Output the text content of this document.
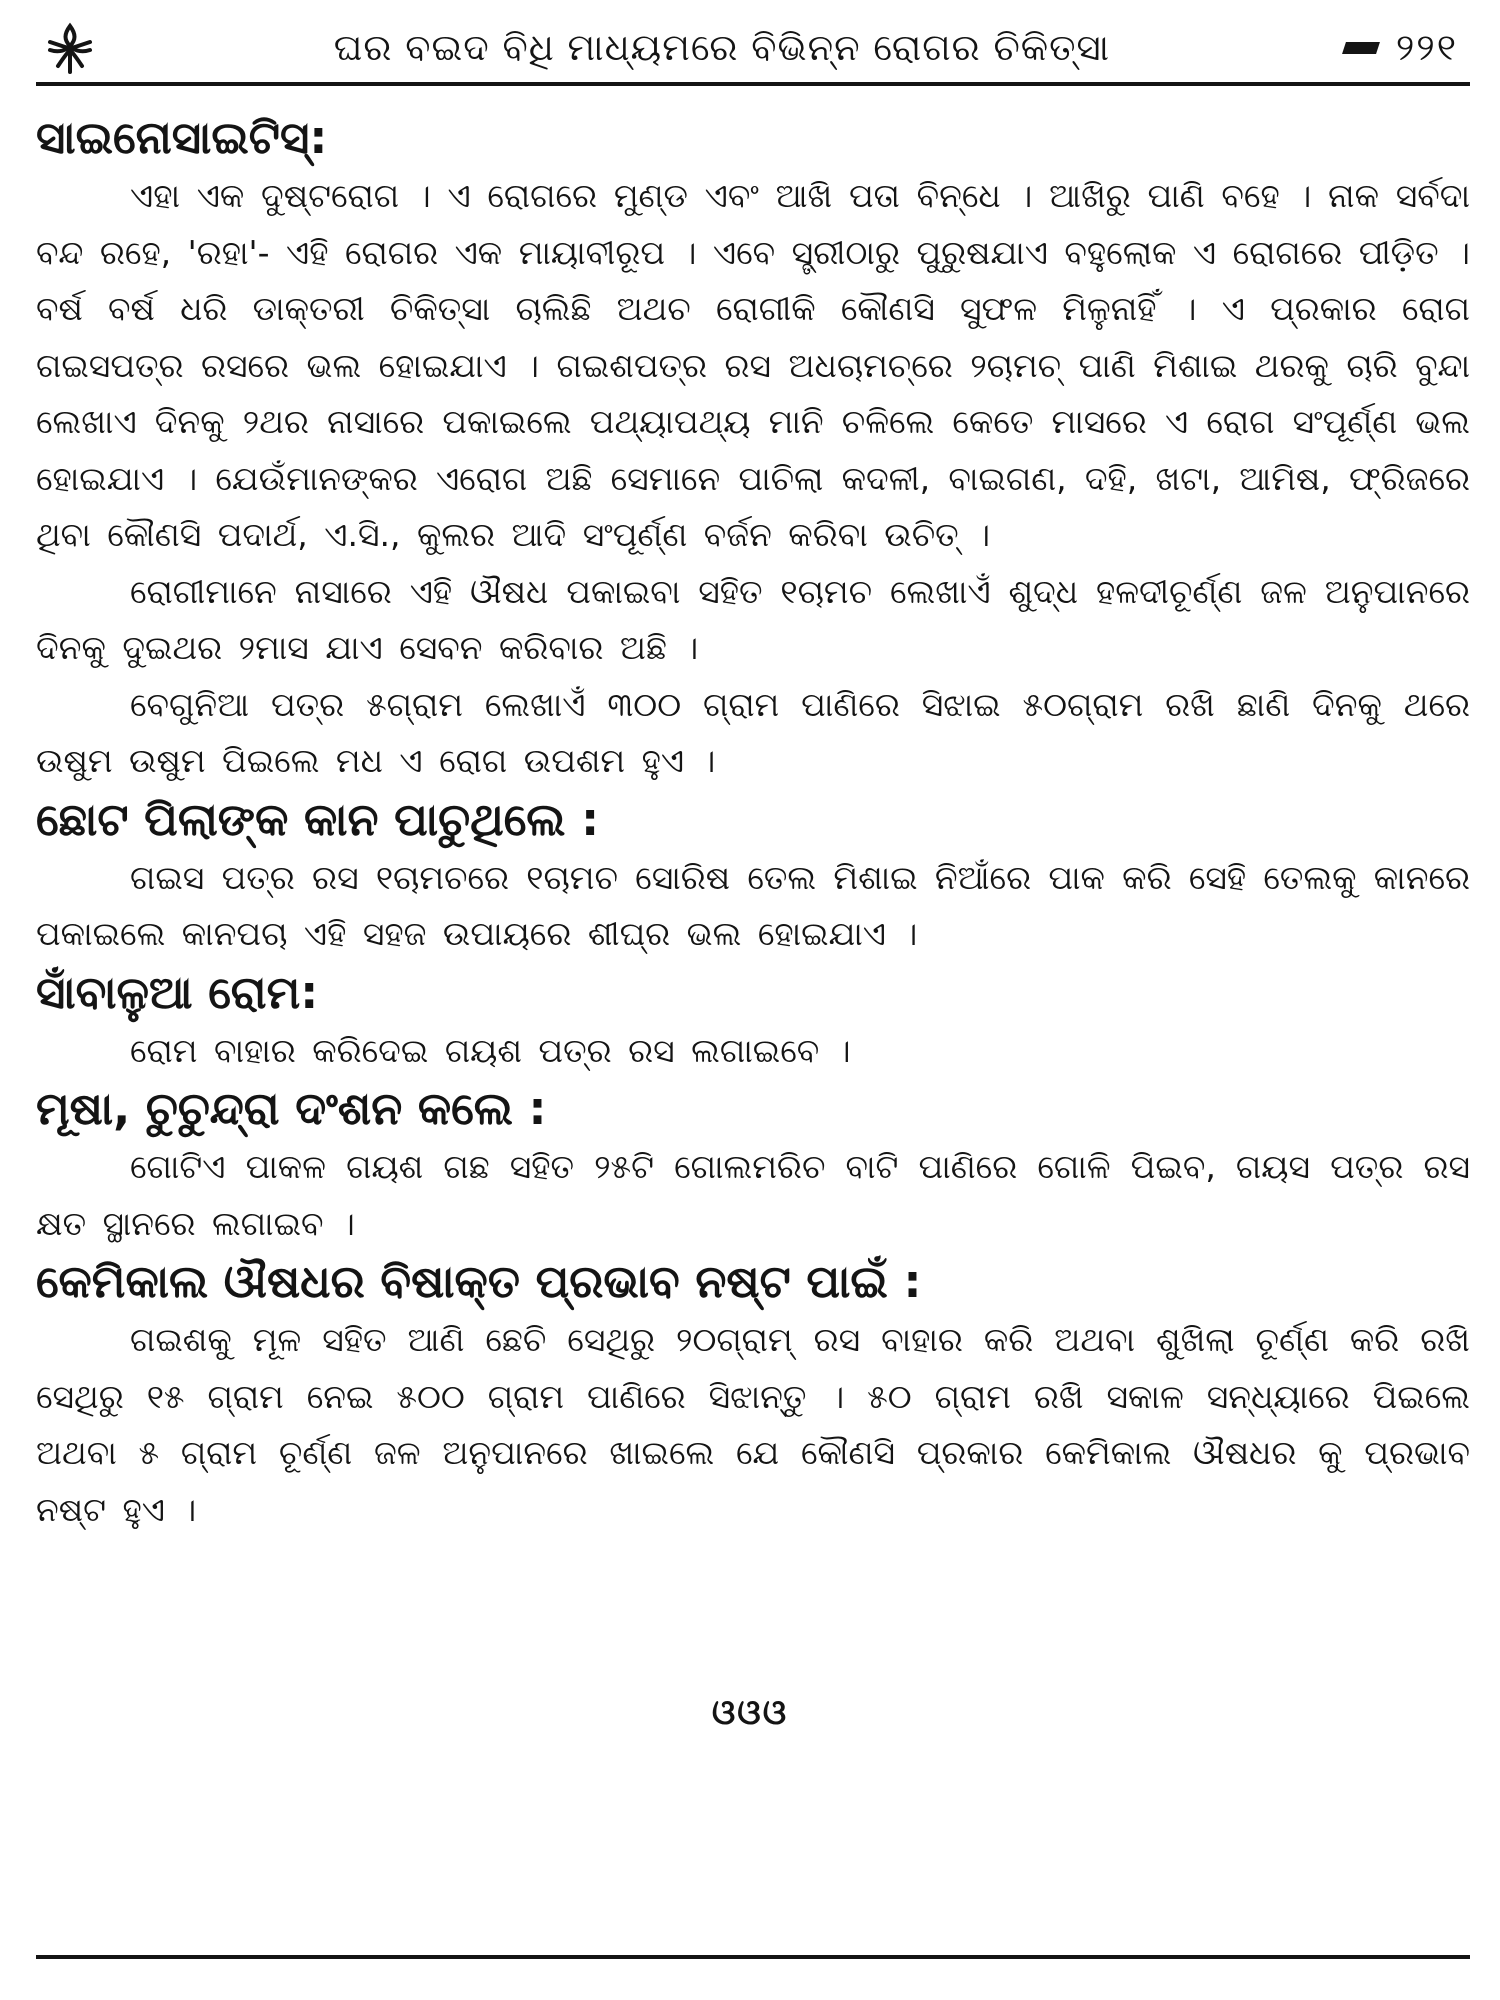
ଘର ବଇଦ ବିଧି ମାଧ୍ୟମରେ ବିଭିନ୍ନ ରୋଗର ଚିକିତ୍ସା	୨୨୧
ସାଇନୋସାଇଟିସ୍:

ଏହା ଏକ ଦୁଷ୍ଟରୋଗ । ଏ ରୋଗରେ ମୁଣ୍ଡ ଏବଂ ଆଖି ପତା ବିନ୍ଧେ । ଆଖିରୁ ପାଣି ବହେ । ନାକ ସର୍ବଦା ବନ୍ଦ ରହେ, 'ରହା'- ଏହି ରୋଗର ଏକ ମାୟାବୀରୂପ । ଏବେ ସ୍ତ୍ରୀଠାରୁ ପୁରୁଷଯାଏ ବହୁଲୋକ ଏ ରୋଗରେ ପୀଡ଼ିତ । ବର୍ଷ ବର୍ଷ ଧରି ଡାକ୍ତରୀ ଚିକିତ୍ସା ଚାଲିଛି ଅଥଚ ରୋଗୀକି କୌଣସି ସୁଫଳ ମିଳୁନାହିଁ । ଏ ପ୍ରକାର ରୋଗ ଗଇସପତ୍ର ରସରେ ଭଲ ହୋଇଯାଏ । ଗଇଶପତ୍ର ରସ ଅଧଚାମଚ୍‌ରେ ୨ଚାମଚ୍ ପାଣି ମିଶାଇ ଥରକୁ ଚାରି ବୁନ୍ଦା ଲେଖାଏ ଦିନକୁ ୨ଥର ନାସାରେ ପକାଇଲେ ପଥ୍ୟାପଥ୍ୟ ମାନି ଚଳିଲେ କେତେ ମାସରେ ଏ ରୋଗ ସଂପୂର୍ଣ୍ଣ ଭଲ ହୋଇଯାଏ । ଯେଉଁମାନଙ୍କର ଏରୋଗ ଅଛି ସେମାନେ ପାଚିଲା କଦଳୀ, ବାଇଗଣ, ଦହି, ଖଟା, ଆମିଷ, ଫ୍ରିଜରେ ଥିବା କୌଣସି ପଦାର୍ଥ, ଏ.ସି., କୁଲର ଆଦି ସଂପୂର୍ଣ୍ଣ ବର୍ଜନ କରିବା ଉଚିତ୍ ।

ରୋଗୀମାନେ ନାସାରେ ଏହି ଔଷଧ ପକାଇବା ସହିତ ୧ଚାମଚ ଲେଖାଏଁ ଶୁଦ୍ଧ ହଳଦୀଚୂର୍ଣ୍ଣ ଜଳ ଅନୁପାନରେ ଦିନକୁ ଦୁଇଥର ୨ମାସ ଯାଏ ସେବନ କରିବାର ଅଛି ।

ବେଗୁନିଆ ପତ୍ର ୫ଗ୍ରାମ ଲେଖାଏଁ ୩୦୦ ଗ୍ରାମ ପାଣିରେ ସିଝାଇ ୫୦ଗ୍ରାମ ରଖି ଛାଣି ଦିନକୁ ଥରେ ଉଷୁମ ଉଷୁମ ପିଇଲେ ମଧ ଏ ରୋଗ ଉପଶମ ହୁଏ ।

ଛୋଟ ପିଲାଙ୍କ କାନ ପାଚୁଥିଲେ :

ଗଇସ ପତ୍ର ରସ ୧ଚାମଚରେ ୧ଚାମଚ ସୋରିଷ ତେଲ ମିଶାଇ ନିଆଁରେ ପାକ କରି ସେହି ତେଲକୁ କାନରେ ପକାଇଲେ କାନପଚା ଏହି ସହଜ ଉପାୟରେ ଶୀଘ୍ର ଭଲ ହୋଇଯାଏ ।

ସାଁବାଳୁଆ ରୋମ:

ରୋମ ବାହାର କରିଦେଇ ଗୟଶ ପତ୍ର ରସ ଲଗାଇବେ ।

ମୂଷା, ଚୁଚୁନ୍ଦ୍ରା ଦଂଶନ କଲେ :

ଗୋଟିଏ ପାକଳ ଗୟଶ ଗଛ ସହିତ ୨୫ଟି ଗୋଲମରିଚ ବାଟି ପାଣିରେ ଗୋଳି ପିଇବ, ଗୟସ ପତ୍ର ରସ କ୍ଷତ ସ୍ଥାନରେ ଲଗାଇବ ।

କେମିକାଲ ଔଷଧର ବିଷାକ୍ତ ପ୍ରଭାବ ନଷ୍ଟ ପାଇଁ :

ଗଇଶକୁ ମୂଳ ସହିତ ଆଣି ଛେଚି ସେଥିରୁ ୨୦ଗ୍ରାମ୍ ରସ ବାହାର କରି ଅଥବା ଶୁଖିଲା ଚୂର୍ଣ୍ଣ କରି ରଖି ସେଥିରୁ ୧୫ ଗ୍ରାମ ନେଇ ୫୦୦ ଗ୍ରାମ ପାଣିରେ ସିଝାନ୍ତୁ । ୫୦ ଗ୍ରାମ ରଖି ସକାଳ ସନ୍ଧ୍ୟାରେ ପିଇଲେ ଅଥବା ୫ ଗ୍ରାମ ଚୂର୍ଣ୍ଣ ଜଳ ଅନୁପାନରେ ଖାଇଲେ ଯେ କୌଣସି ପ୍ରକାର କେମିକାଲ ଔଷଧର କୁ ପ୍ରଭାବ ନଷ୍ଟ ହୁଏ ।

ଓଓଓ
